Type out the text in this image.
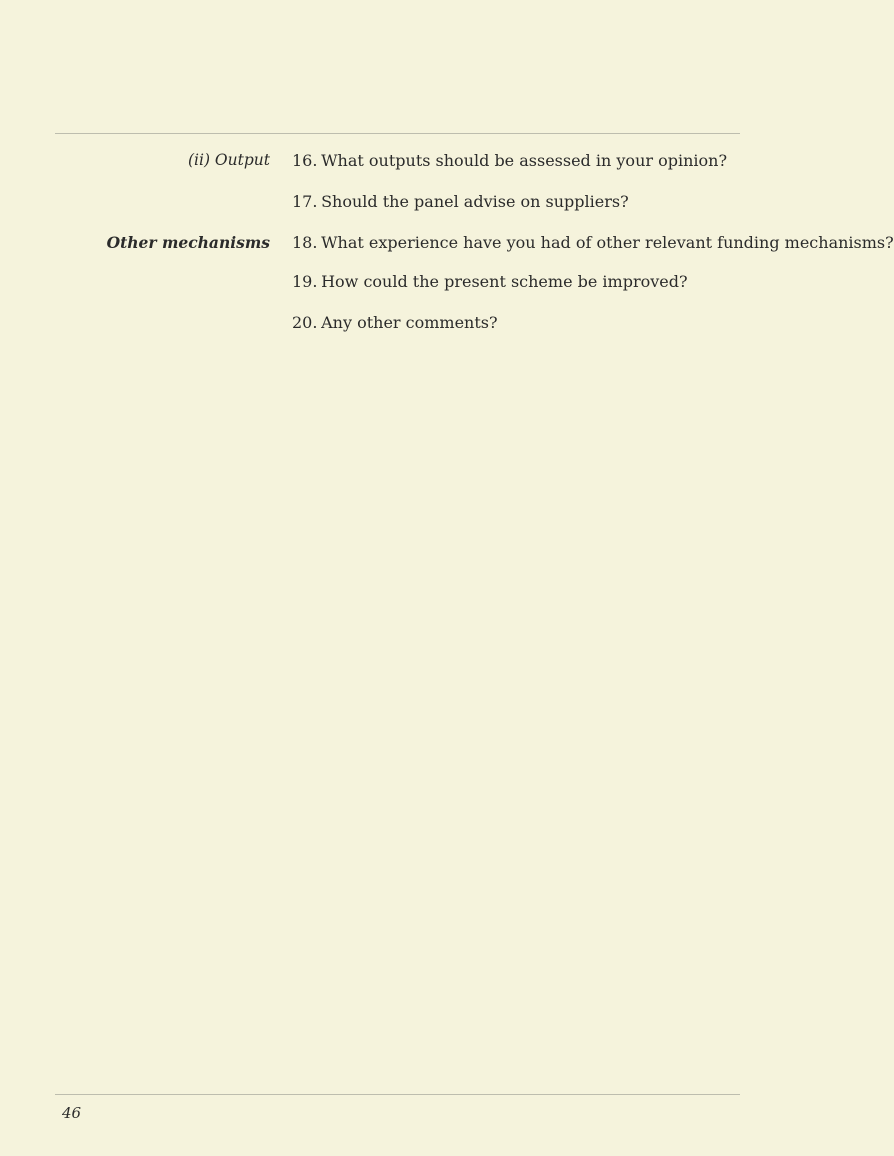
(ii) Output
Other mechanisms
16. What outputs should be assessed in your opinion?
17. Should the panel advise on suppliers?
18. What experience have you had of other relevant funding mechanisms?
19. How could the present scheme be improved?
20. Any other comments?
46
